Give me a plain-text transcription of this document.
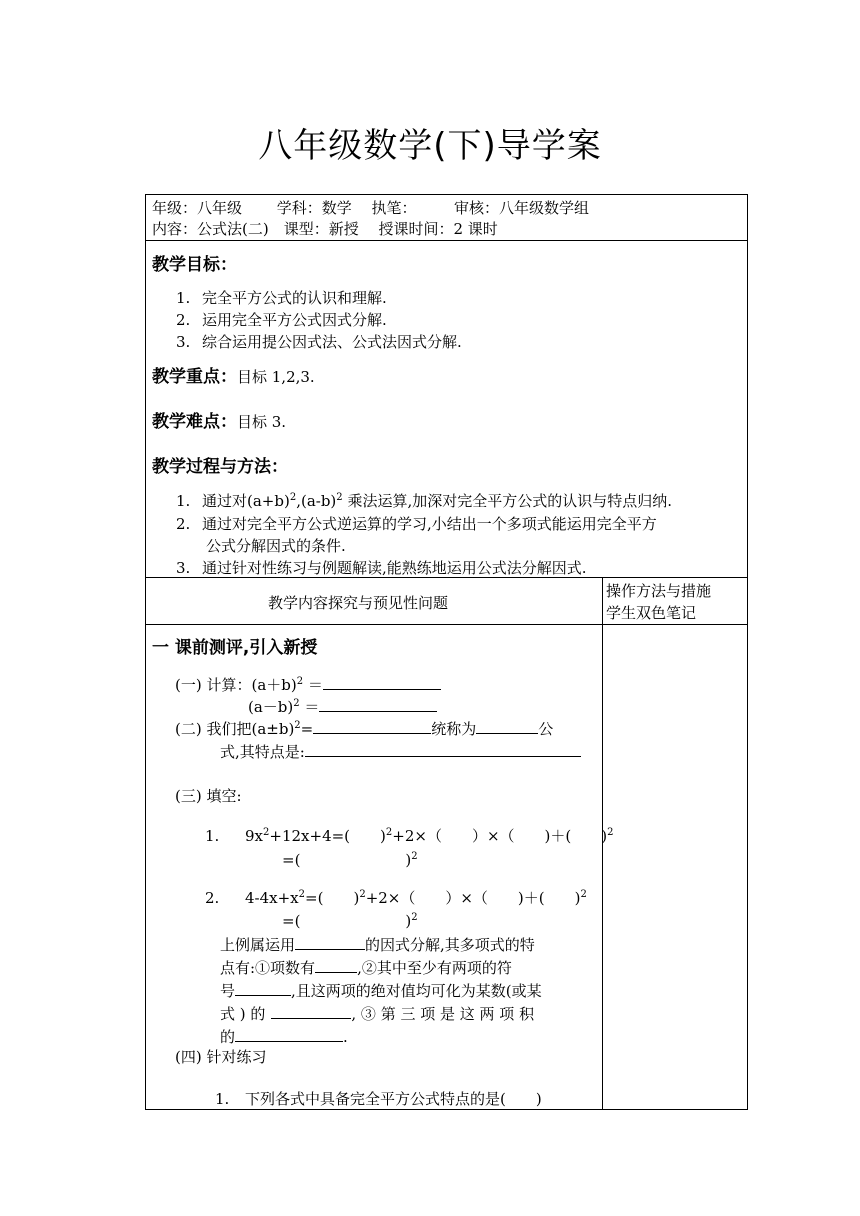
八年级数学(下)导学案
年级：八年级　　 学科：数学　 执笔：　　　审核：八年级数学组
内容：公式法(二)　课型：新授　 授课时间：2 课时
教学目标：
1. 完全平方公式的认识和理解.
2. 运用完全平方公式因式分解.
3. 综合运用提公因式法、公式法因式分解.
教学重点：目标 1,2,3.
教学难点：目标 3.
教学过程与方法：
1. 通过对$(a+b)^2,(a-b)^2$ 乘法运算,加深对完全平方公式的认识与特点归纳.
2. 通过对完全平方公式逆运算的学习,小结出一个多项式能运用完全平方
公式分解因式的条件.
3. 通过针对性练习与例题解读,能熟练地运用公式法分解因式.
教学内容探究与预见性问题
操作方法与措施
学生双色笔记
一 课前测评,引入新授
(一) 计算：$(a+b)^2$ ＝
$(a-b)^2$ ＝
(二) 我们把$(a\pm b)^2=$	统称为	公
式,其特点是:
(三) 填空:
1. $9x^2+12x+4=$(　　)$^2$+2×（　　）×（　　)＋(　　)$^2$
=(　　　　　　　)$^2$
2. $4-4x+x^2=$(　　)$^2$+2×（　　）×（　　)＋(　　)$^2$
=(　　　　　　　)$^2$
上例属运用	的因式分解,其多项式的特
点有:①项数有	,②其中至少有两项的符
号	,且这两项的绝对值均可化为某数(或某
式 ) 的	, ③ 第 三 项 是 这 两 项 积
的	.
(四) 针对练习
1. 下列各式中具备完全平方公式特点的是(　　)
